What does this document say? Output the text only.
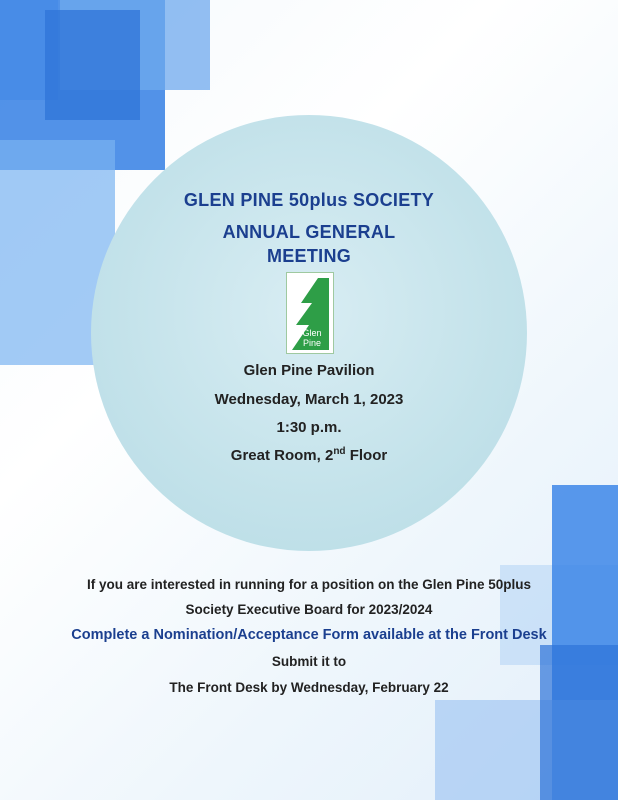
GLEN PINE 50plus SOCIETY
ANNUAL GENERAL
MEETING
Glen
Pine
Glen Pine Pavilion
Wednesday, March 1, 2023
1:30 p.m.
Great Room, 2nd Floor
If you are interested in running for a position on the Glen Pine 50plus
Society Executive Board for 2023/2024
Complete a Nomination/Acceptance Form available at the Front Desk
Submit it to
The Front Desk by Wednesday, February 22
